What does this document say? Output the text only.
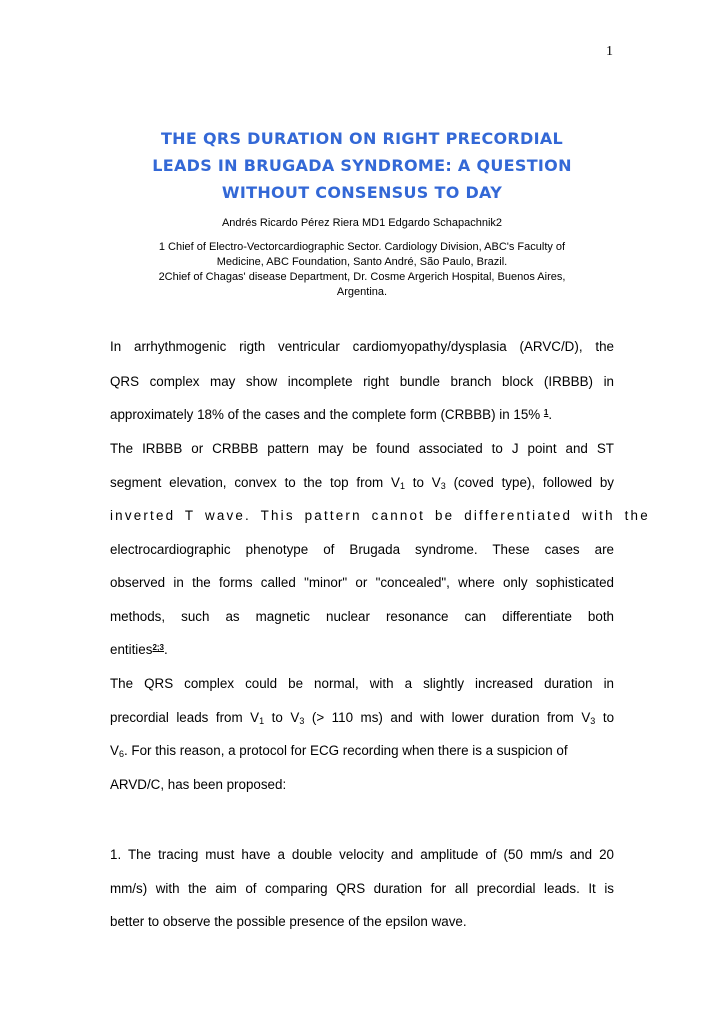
1
THE QRS DURATION ON RIGHT PRECORDIAL
LEADS IN BRUGADA SYNDROME: A QUESTION
WITHOUT CONSENSUS TO DAY
Andrés Ricardo Pérez Riera MD1 Edgardo Schapachnik2
1 Chief of Electro-Vectorcardiographic Sector. Cardiology Division, ABC's Faculty of
Medicine, ABC Foundation, Santo André, São Paulo, Brazil.
2Chief of Chagas' disease Department, Dr. Cosme Argerich Hospital, Buenos Aires,
Argentina.
In arrhythmogenic rigth ventricular cardiomyopathy/dysplasia (ARVC/D), the
QRS complex may show incomplete right bundle branch block (IRBBB) in
approximately 18% of the cases and the complete form (CRBBB) in 15% $^1$.
The IRBBB or CRBBB pattern may be found associated to J point and ST
segment elevation, convex to the top from $V_1$ to $V_3$ (coved type), followed by
inverted T wave. This pattern cannot be differentiated with the
electrocardiographic phenotype of Brugada syndrome. These cases are
observed in the forms called "minor" or "concealed", where only sophisticated
methods, such as magnetic nuclear resonance can differentiate both
entities$^{2;3}$.
The QRS complex could be normal, with a slightly increased duration in
precordial leads from $V_1$ to $V_3$ (> 110 ms) and with lower duration from $V_3$ to
$V_6$. For this reason, a protocol for ECG recording when there is a suspicion of
ARVD/C, has been proposed:
1. The tracing must have a double velocity and amplitude of (50 mm/s and 20
mm/s) with the aim of comparing QRS duration for all precordial leads. It is
better to observe the possible presence of the epsilon wave.
